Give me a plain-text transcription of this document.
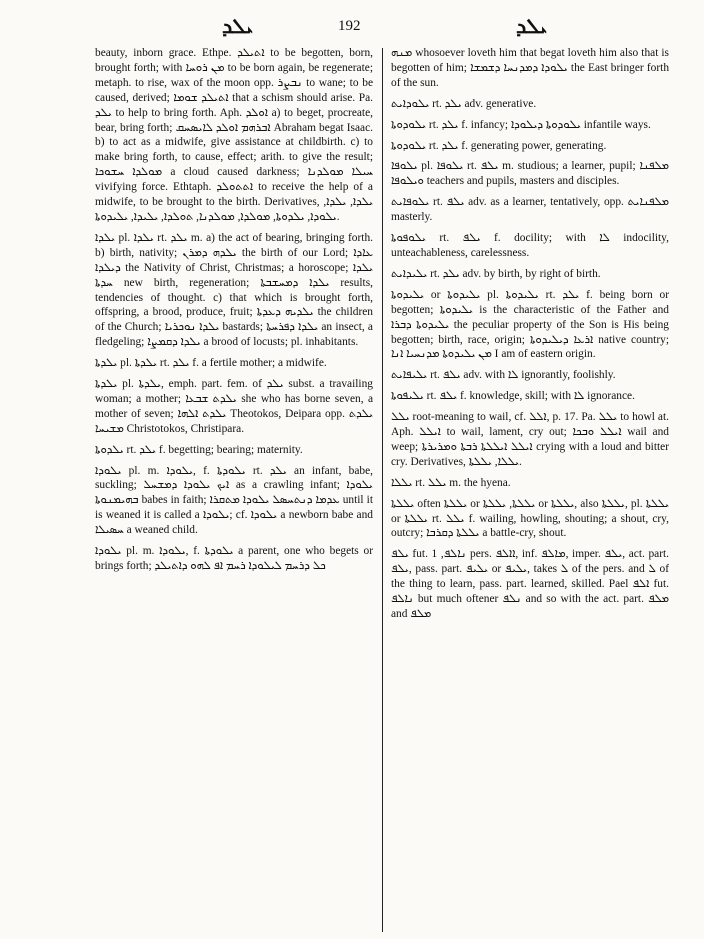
ܝܠܕ	192	ܝܠܕ

beauty, inborn grace. Ethpe. ܐܬܝܠܕ to be begotten, born, brought forth; with ܡܢ ܪܘܚܐ to be born again, be regenerate; metaph. to rise, wax of the moon opp. ܢܒܨܪ to wane; to be caused, derived; ܐܬܝܠܕ ܫܘܡܐ that a schism should arise. Pa. ܝܠܕ to help to bring forth. Aph. ܐܘܠܕ a) to beget, procreate, bear, bring forth; ܐܒܪܗܡ ܐܘܠܕ ܠܐܝܣܚܩ Abraham begat Isaac. b) to act as a midwife, give assistance at childbirth. c) to make bring forth, to cause, effect; arith. to give the result; ܡܘܠܕܐ ܚܫܘܟܐ a cloud caused darkness; ܚܝܠܐ ܡܘܠܕܢܐ vivifying force. Ethtaph. ܐܬܬܘܠܕ to receive the help of a midwife, to be brought to the birth. Derivatives, ܝܠܕܐ, ܝܠܕܐ, ܝܠܘܕܐ, ܝܠܕܘܬܐ, ܡܘܠܕܐ, ܡܘܠܕܢܐ, ܬܘܠܕܐ, ܝܠܝܕܐ, ܝܠܝܕܘܬܐ.

ܝܠܕܐ pl. ܝܠܕܐ rt. ܝܠܕ m. a) the act of bearing, bringing forth. b) birth, nativity; ܝܠܕܗ ܕܡܪܢ the birth of our Lord; ܥܐܕܐ ܕܝܠܕܐ the Nativity of Christ, Christmas; a horoscope; ܝܠܕܐ ܚܕܬܐ new birth, regeneration; ܝܠܕܐ ܕܡܚܫܒܬܐ results, tendencies of thought. c) that which is brought forth, offspring, a brood, produce, fruit; ܝܠܕܝܗ ܕܥܕܬܐ the children of the Church; ܝܠܕܐ ܢܘܟܪܝܐ bastards; ܝܠܕܐ ܕܦܪܚܬܐ an insect, a fledgeling; ܝܠܕܐ ܕܩܡܨܐ a brood of locusts; pl. inhabitants.

ܝܠܕܬܐ pl. ܝܠܕܬܐ rt. ܝܠܕ f. a fertile mother; a midwife.

ܝܠܕܬܐ pl. ܝܠܕܬܐ, emph. part. fem. of ܝܠܕ subst. a travailing woman; a mother; ܝܠܕܬ ܫܒܥܐ she who has borne seven, a mother of seven; ܝܠܕܬ ܐܠܗܐ Theotokos, Deipara opp. ܝܠܕܬ ܡܫܝܚܐ Christotokos, Christipara.

ܝܠܕܘܬܐ rt. ܝܠܕ f. begetting; bearing; maternity.

ܝܠܘܕܐ pl. m. ܝܠܘܕܐ, f. ܝܠܘܕܬܐ rt. ܝܠܕ an infant, babe, suckling; ܐܝܟ ܝܠܘܕܐ ܕܡܫܚܠ as a crawling infant; ܝܠܘܕܐ ܒܗܝܡܢܘܬܐ babes in faith; ܥܕܡܐ ܕܢܬܚܣܠ ܝܠܘܕܐ ܡܬܩܪܐ until it is weaned it is called a ܝܠܘܕܐ; cf. ܝܠܘܕܐ a newborn babe and ܚܣܝܠܐ a weaned child.

ܝܠܘܕܐ pl. m. ܝܠܘܕܐ, f. ܝܠܘܕܬܐ a parent, one who begets or brings forth; ܟܠ ܕܪܚܡ ܠܝܠܘܕܐ ܪܚܡ ܐܦ ܠܗܘ ܕܐܬܝܠܕ

ܡܢܗ whosoever loveth him that begat loveth him also that is begotten of him; ܝܠܘܕܐ ܕܡܕܢܚܐ ܕܫܡܫܐ the East bringer forth of the sun.

ܝܠܘܕܐܝܬ rt. ܝܠܕ adv. generative.

ܝܠܘܕܘܬܐ rt. ܝܠܕ f. infancy; ܝܠܘܕܘܬܐ ܕܝܠܘܕܐ infantile ways.

ܝܠܘܕܘܬܐ rt. ܝܠܕ f. generating power, generating.

ܝܠܘܦܐ pl. ܝܠܘܦܐ rt. ܝܠܦ m. studious; a learner, pupil; ܡܠܦܢܐ ܘܝܠܘܦܐ teachers and pupils, masters and disciples.

ܝܠܘܦܐܝܬ rt. ܝܠܦ adv. as a learner, tentatively, opp. ܡܠܦܢܐܝܬ masterly.

ܝܠܘܦܘܬܐ rt. ܝܠܦ f. docility; with ܠܐ indocility, unteachableness, carelessness.

ܝܠܝܕܐܝܬ rt. ܝܠܕ adv. by birth, by right of birth.

ܝܠܝܕܘܬܐ or ܝܠܝܕܘܬܐ pl. ܝܠܝܕܘܬܐ rt. ܝܠܕ f. being born or begotten; ܝܠܝܕܘܬܐ is the characteristic of the Father and ܝܠܝܕܘܬܐ ܕܒܪܐ the peculiar property of the Son is His being begotten; birth, race, origin; ܐܪܥܐ ܕܝܠܝܕܘܬܐ native country; ܡܢ ܝܠܝܕܘܬܐ ܡܕܢܚܝܐ ܐܢܐ I am of eastern origin.

ܝܠܝܦܐܝܬ rt. ܝܠܦ adv. with ܠܐ ignorantly, foolishly.

ܝܠܝܦܘܬܐ rt. ܝܠܦ f. knowledge, skill; with ܠܐ ignorance.

ܝܠܠ root-meaning to wail, cf. ܐܠܠ, p. 17. Pa. ܝܠܠ to howl at. Aph. ܐܝܠܠ to wail, lament, cry out; ܐܝܠܠ ܘܒܟܐ wail and weep; ܐܝܠܠ ܐܝܠܠܬܐ ܪܒܬܐ ܘܡܪܝܪܬܐ crying with a loud and bitter cry. Derivatives, ܝܠܠܐ, ܝܠܠܬܐ.

ܝܠܠܐ rt. ܝܠܠ m. the hyena.

ܝܠܠܬܐ often ܝܠܠܬܐ or ܝܠܠܬܐ, ܝܠܠܬܐ or ܝܠܠܬܐ, also ܝܠܠܬܐ, pl. ܝܠܠܬܐ or ܝܠܠܬܐ rt. ܝܠܠ f. wailing, howling, shouting; a shout, cry, outcry; ܝܠܠܬܐ ܕܩܪܒܐ a battle-cry, shout.

ܝܠܦ fut. ܢܐܠܦ, 1 pers. ܐܐܠܦ, inf. ܡܐܠܦ, imper. ܝܠܦ, act. part. ܝܠܦ, pass. part. ܝܠܝܦ or ܝܠܝܦ, takes ܠ of the pers. and ܠ of the thing to learn, pass. part. learned, skilled. Pael ܐܠܦ fut. ܢܐܠܦ but much oftener ܢܠܦ and so with the act. part. ܡܠܦ and ܡܠܦ
